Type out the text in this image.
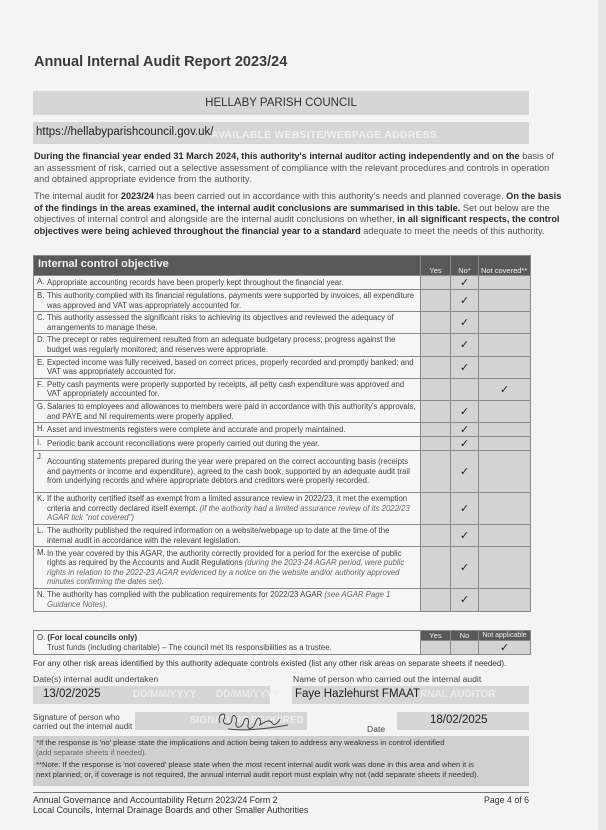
Annual Internal Audit Report 2023/24
HELLABY PARISH COUNCIL
AVAILABLE WEBSITE/WEBPAGE ADDRESS
https://hellabyparishcouncil.gov.uk/
During the financial year ended 31 March 2024, this authority's internal auditor acting independently and on the basis of an assessment of risk, carried out a selective assessment of compliance with the relevant procedures and controls in operation and obtained appropriate evidence from the authority.
The internal audit for 2023/24 has been carried out in accordance with this authority's needs and planned coverage. On the basis of the findings in the areas examined, the internal audit conclusions are summarised in this table. Set out below are the objectives of internal control and alongside are the internal audit conclusions on whether, in all significant respects, the control objectives were being achieved throughout the financial year to a standard adequate to meet the needs of this authority.
Internal control objective	Yes	No*	Not covered**

A. Appropriate accounting records have been properly kept throughout the financial year.		✓	

B. This authority complied with its financial regulations, payments were supported by invoices, all expenditure was approved and VAT was appropriately accounted for.		✓	

C. This authority assessed the significant risks to achieving its objectives and reviewed the adequacy of arrangements to manage these.		✓	

D. The precept or rates requirement resulted from an adequate budgetary process; progress against the budget was regularly monitored; and reserves were appropriate.		✓	

E. Expected income was fully received, based on correct prices, properly recorded and promptly banked; and VAT was appropriately accounted for.		✓	

F. Petty cash payments were properly supported by receipts, all petty cash expenditure was approved and VAT appropriately accounted for.			✓

G. Salaries to employees and allowances to members were paid in accordance with this authority's approvals, and PAYE and NI requirements were properly applied.		✓	

H. Asset and investments registers were complete and accurate and properly maintained.		✓	

I. Periodic bank account reconciliations were properly carried out during the year.		✓	

J.
Accounting statements prepared during the year were prepared on the correct accounting basis (receipts and payments or income and expenditure), agreed to the cash book, supported by an adequate audit trail from underlying records and where appropriate debtors and creditors were properly recorded.		✓	

K. If the authority certified itself as exempt from a limited assurance review in 2022/23, it met the exemption criteria and correctly declared itself exempt. (If the authority had a limited assurance review of its 2022/23 AGAR tick "not covered")		✓	

L. The authority published the required information on a website/webpage up to date at the time of the internal audit in accordance with the relevant legislation.		✓	

M. In the year covered by this AGAR, the authority correctly provided for a period for the exercise of public rights as required by the Accounts and Audit Regulations (during the 2023-24 AGAR period, were public rights in relation to the 2022-23 AGAR evidenced by a notice on the website and/or authority approved minutes confirming the dates set).		✓	

N. The authority has complied with the publication requirements for 2022/23 AGAR (see AGAR Page 1 Guidance Notes).		✓	
O. (For local councils only)
Trust funds (including charitable) – The council met its responsibilities as a trustee.	Yes	No	Not applicable
			✓
For any other risk areas identified by this authority adequate controls existed (list any other risk areas on separate sheets if needed).
Date(s) internal audit undertaken
DD/MM/YYYY DD/MM/YYYY
13/02/2025
Name of person who carried out the internal audit
RNAL AUDITOR
Faye Hazlehurst FMAAT
Signature of person who
carried out the internal audit
SIGNATURE REQUIRED
Date
18/02/2025
*If the response is 'no' please state the implications and action being taken to address any weakness in control identified
(add separate sheets if needed).
**Note: If the response is 'not covered' please state when the most recent internal audit work was done in this area and when it is
next planned; or, if coverage is not required, the annual internal audit report must explain why not (add separate sheets if needed).
Annual Governance and Accountability Return 2023/24 Form 2
Local Councils, Internal Drainage Boards and other Smaller Authorities
Page 4 of 6
